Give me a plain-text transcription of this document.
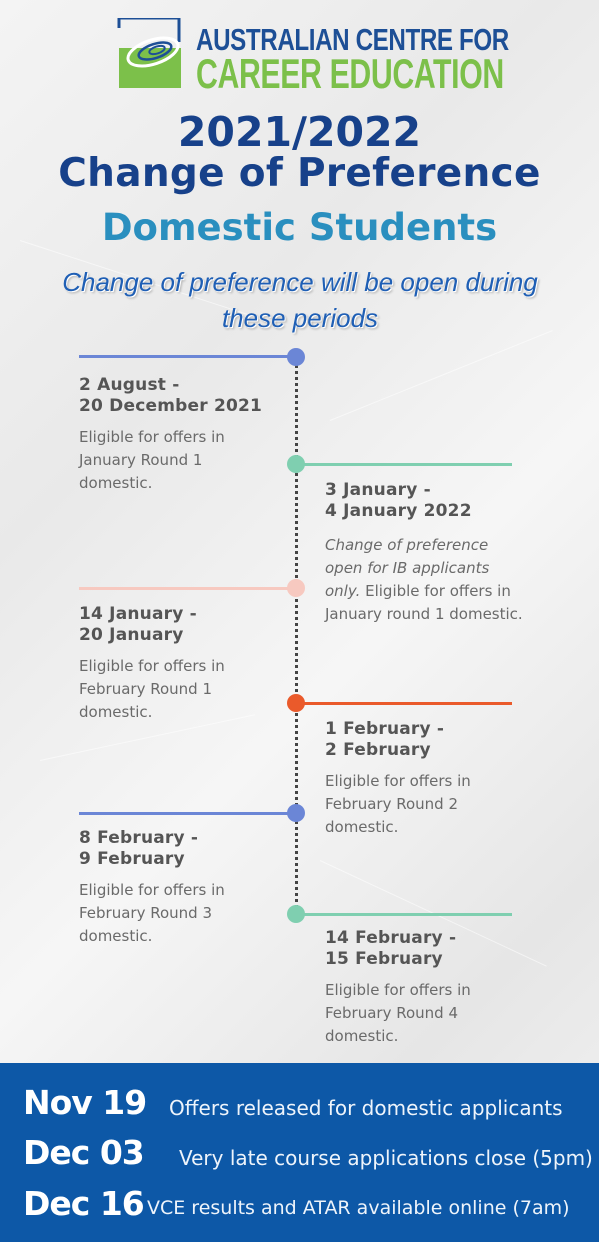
AUSTRALIAN CENTRE FOR
CAREER EDUCATION
2021/2022
Change of Preference
Domestic Students
Change of preference will be open during these periods
2 August -
20 December 2021
Eligible for offers in January Round 1 domestic.	3 January -
4 January 2022
Change of preference open for IB applicants only. Eligible for offers in January round 1 domestic.
14 January -
20 January
Eligible for offers in February Round 1 domestic.
1 February -
2 February
Eligible for offers in February Round 2 domestic.
8 February -
9 February
Eligible for offers in February Round 3 domestic.	14 February -
15 February
Eligible for offers in February Round 4 domestic.
Nov 19 Offers released for domestic applicants
Dec 03 Very late course applications close (5pm)
Dec 16 VCE results and ATAR available online (7am)
